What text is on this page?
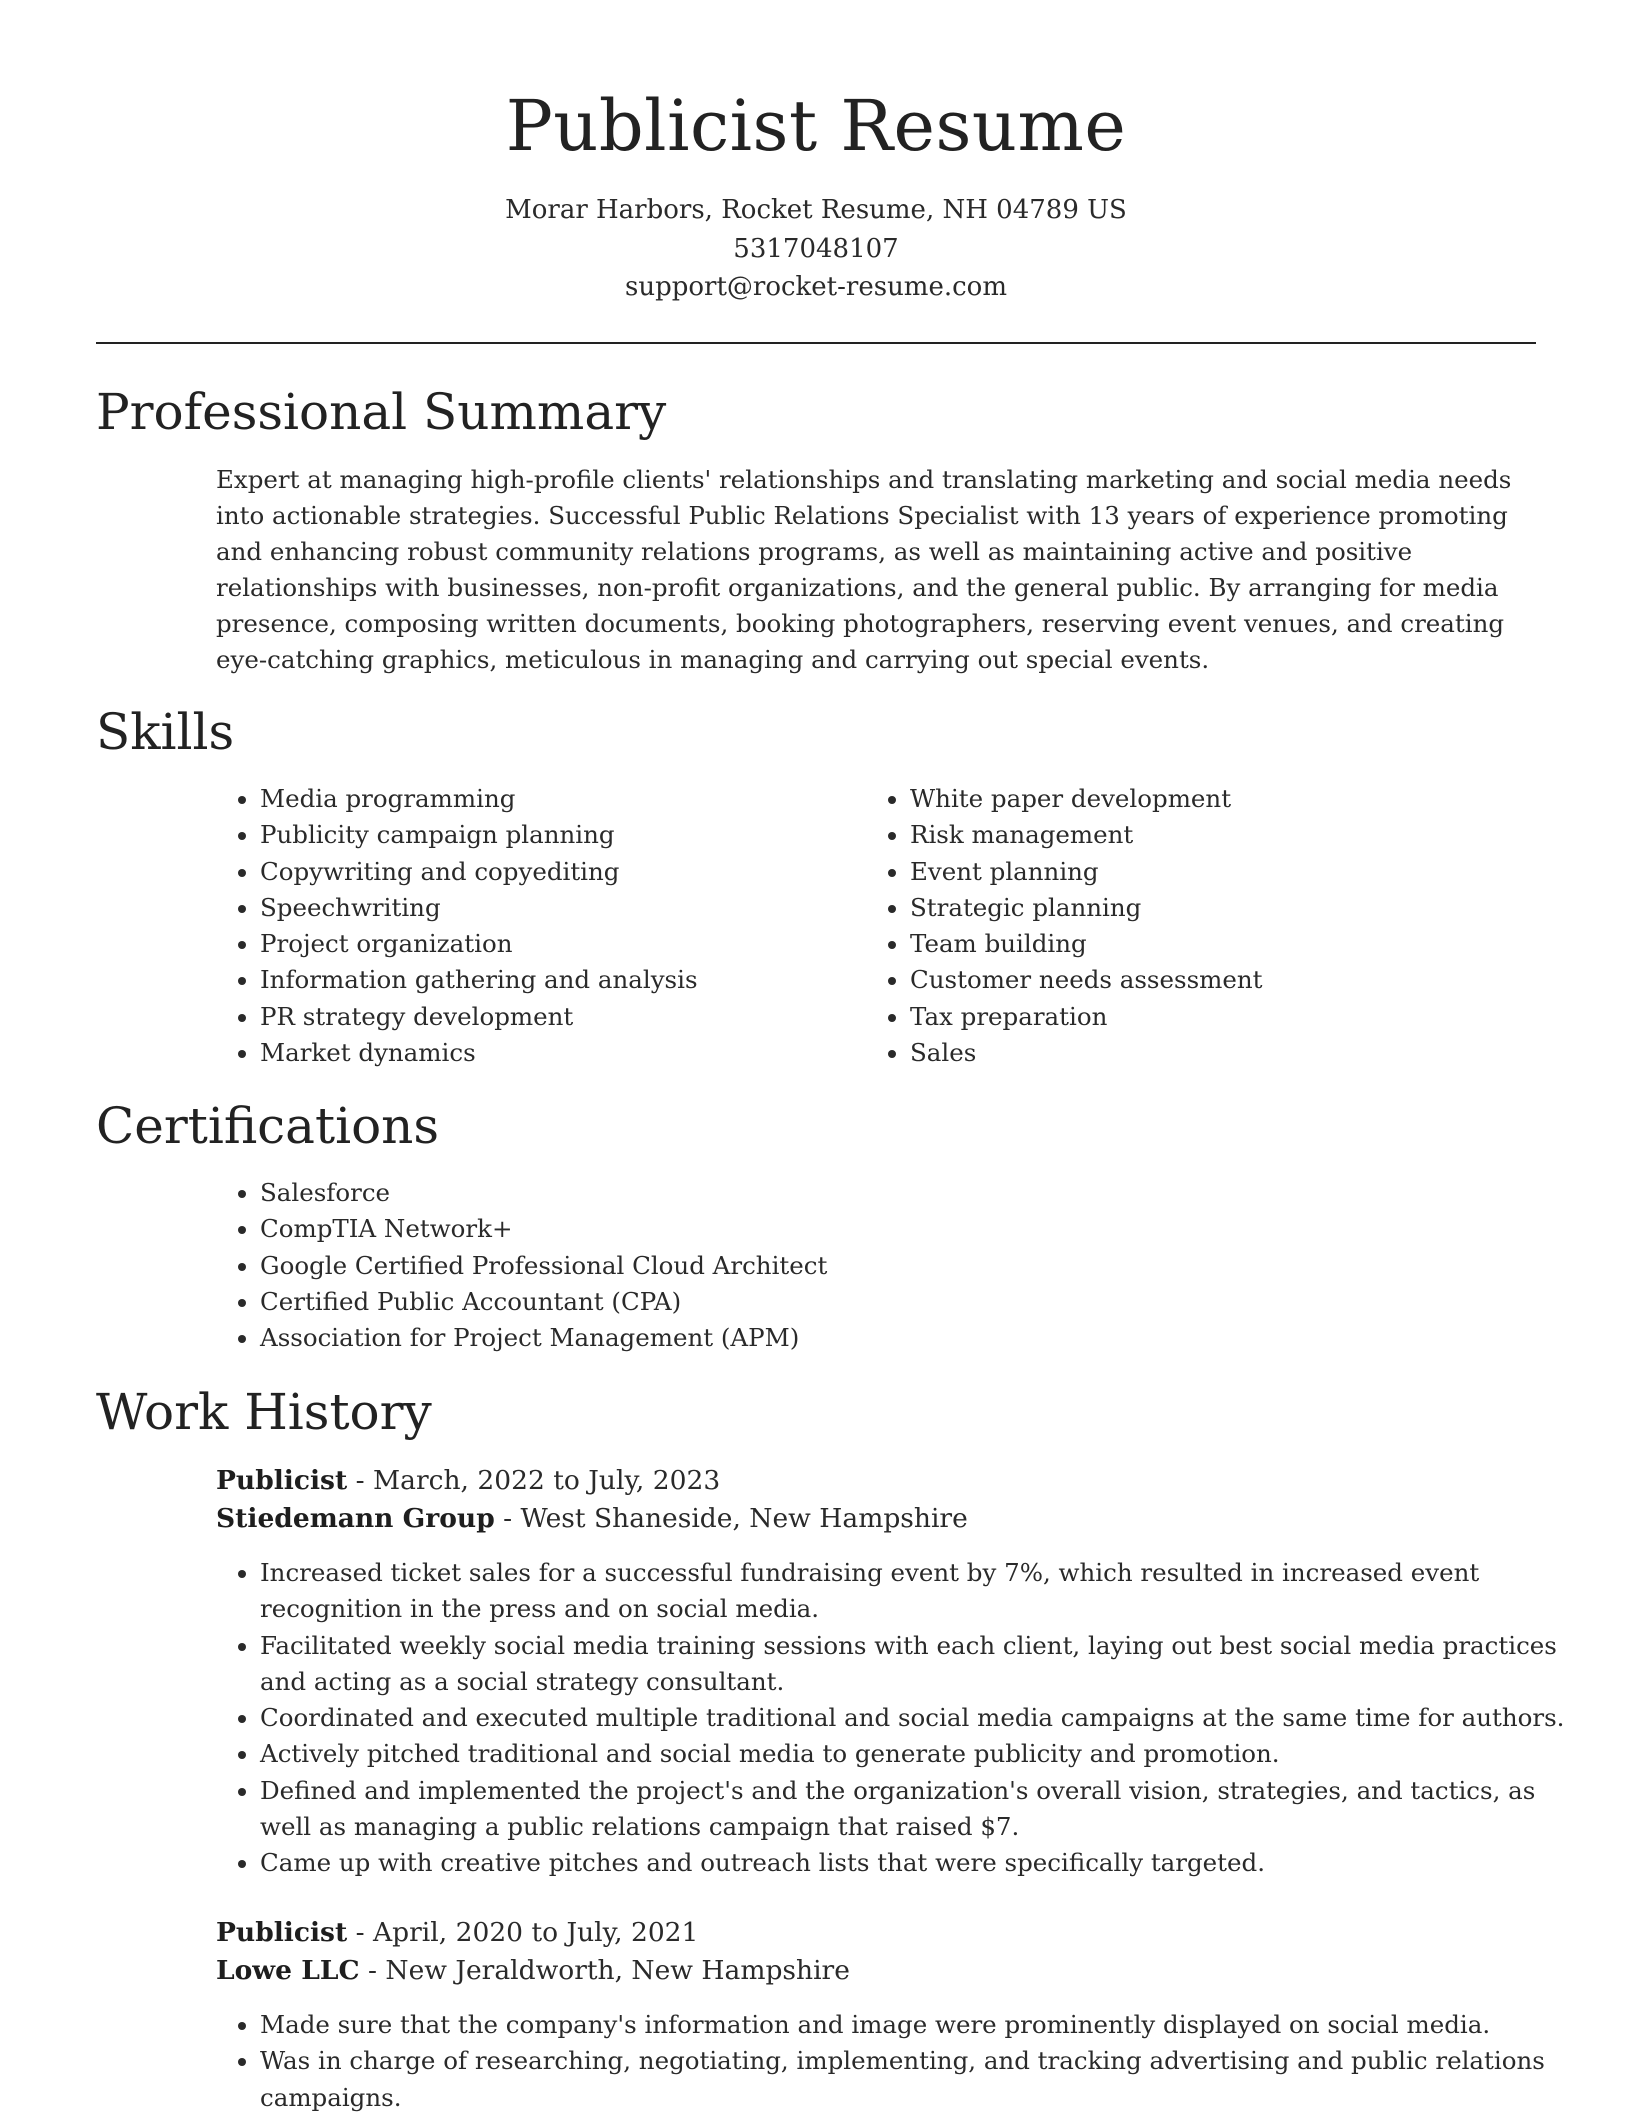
Publicist Resume
Morar Harbors, Rocket Resume, NH 04789 US
5317048107
support@rocket-resume.com
Professional Summary

Expert at managing high-profile clients' relationships and translating marketing and social media needs into actionable strategies. Successful Public Relations Specialist with 13 years of experience promoting and enhancing robust community relations programs, as well as maintaining active and positive relationships with businesses, non-profit organizations, and the general public. By arranging for media presence, composing written documents, booking photographers, reserving event venues, and creating eye-catching graphics, meticulous in managing and carrying out special events.

Skills
• Media programming
• Publicity campaign planning
• Copywriting and copyediting
• Speechwriting
• Project organization
• Information gathering and analysis
• PR strategy development
• Market dynamics
• White paper development
• Risk management
• Event planning
• Strategic planning
• Team building
• Customer needs assessment
• Tax preparation
• Sales
Certifications
• Salesforce
• CompTIA Network+
• Google Certified Professional Cloud Architect
• Certified Public Accountant (CPA)
• Association for Project Management (APM)
Work History
Publicist - March, 2022 to July, 2023
Stiedemann Group - West Shaneside, New Hampshire
• Increased ticket sales for a successful fundraising event by 7%, which resulted in increased event recognition in the press and on social media.
• Facilitated weekly social media training sessions with each client, laying out best social media practices and acting as a social strategy consultant.
• Coordinated and executed multiple traditional and social media campaigns at the same time for authors.
• Actively pitched traditional and social media to generate publicity and promotion.
• Defined and implemented the project's and the organization's overall vision, strategies, and tactics, as well as managing a public relations campaign that raised $7.
• Came up with creative pitches and outreach lists that were specifically targeted.
Publicist - April, 2020 to July, 2021
Lowe LLC - New Jeraldworth, New Hampshire
• Made sure that the company's information and image were prominently displayed on social media.
• Was in charge of researching, negotiating, implementing, and tracking advertising and public relations campaigns.
